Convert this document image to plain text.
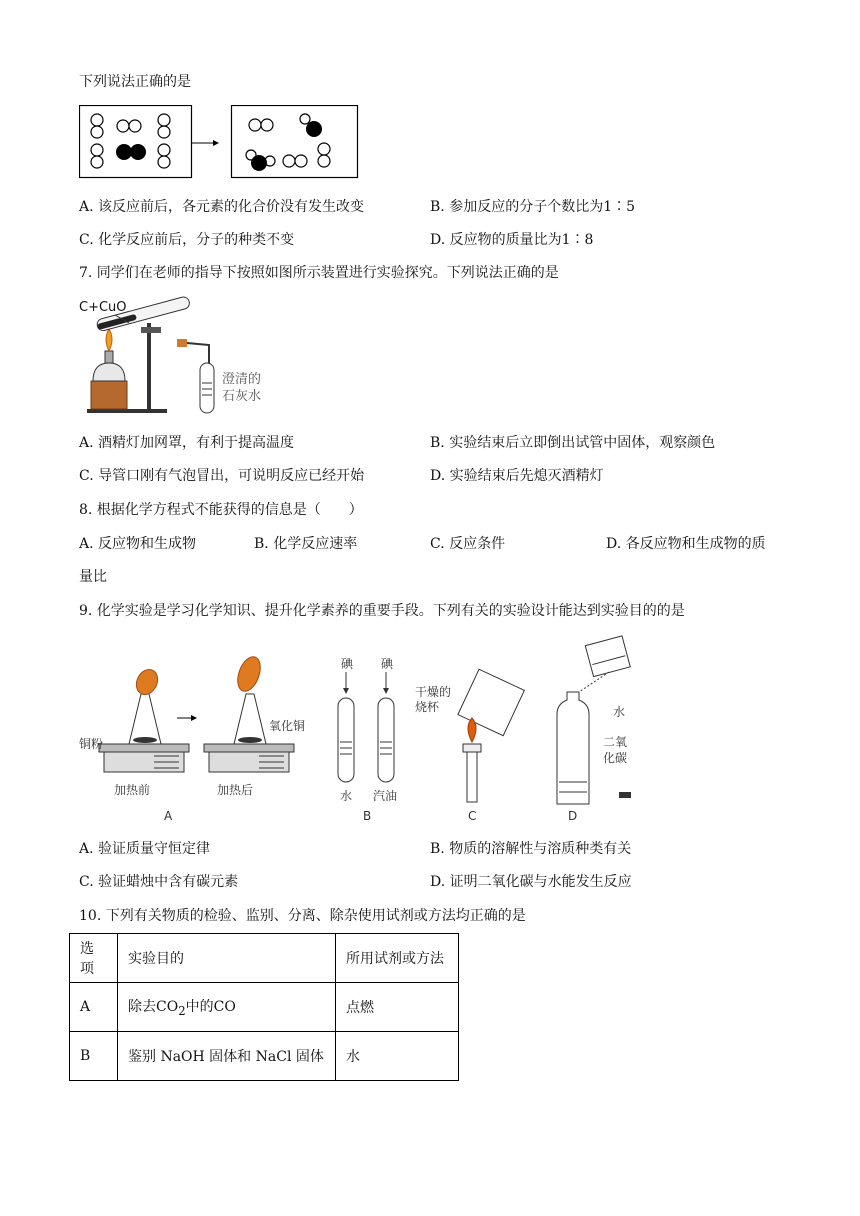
下列说法正确的是
A. 该反应前后，各元素的化合价没有发生改变	B. 参加反应的分子个数比为1∶5
C. 化学反应前后，分子的种类不变	D. 反应物的质量比为1∶8
7. 同学们在老师的指导下按照如图所示装置进行实验探究。下列说法正确的是
C+CuO
澄清的
石灰水
A. 酒精灯加网罩，有利于提高温度	B. 实验结束后立即倒出试管中固体，观察颜色
C. 导管口刚有气泡冒出，可说明反应已经开始	D. 实验结束后先熄灭酒精灯
8. 根据化学方程式不能获得的信息是（　　）
A. 反应物和生成物	B. 化学反应速率	C. 反应条件	D. 各反应物和生成物的质
量比
9. 化学实验是学习化学知识、提升化学素养的重要手段。下列有关的实验设计能达到实验目的的是
铜粉
加热前
氧化铜
加热后
A
碘 碘
水 汽油
B
干燥的
烧杯
C
水
二氧
化碳
D
A. 验证质量守恒定律	B. 物质的溶解性与溶质种类有关
C. 验证蜡烛中含有碳元素	D. 证明二氧化碳与水能发生反应
10. 下列有关物质的检验、监别、分离、除杂使用试剂或方法均正确的是
选项	实验目的	所用试剂或方法
A	除去$CO_2$中的CO	点燃
B	鉴别 NaOH 固体和 NaCl 固体	水
